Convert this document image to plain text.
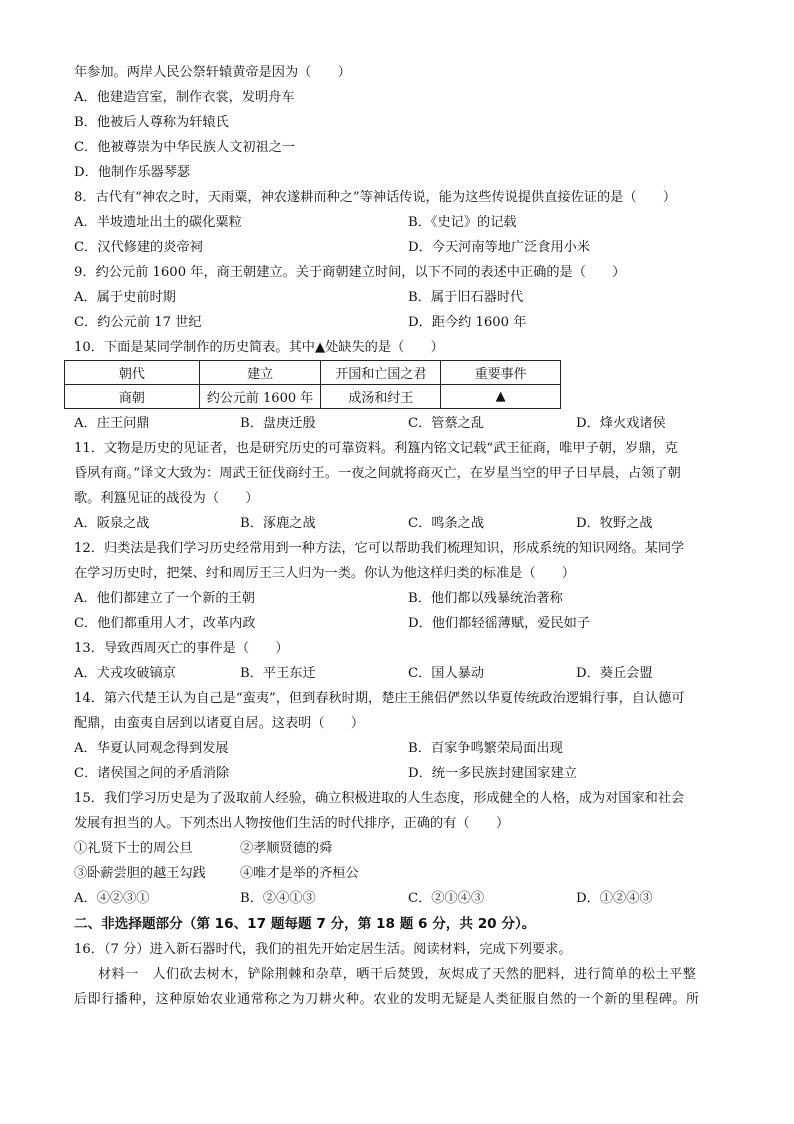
年参加。两岸人民公祭轩辕黄帝是因为（　　）
A．他建造宫室，制作衣裳，发明舟车
B．他被后人尊称为轩辕氏
C．他被尊崇为中华民族人文初祖之一
D．他制作乐器琴瑟
8．古代有“神农之时，天雨粟，神农遂耕而种之”等神话传说，能为这些传说提供直接佐证的是（　　）
A．半坡遗址出土的碳化粟粒	B．《史记》的记载
C．汉代修建的炎帝祠	D．今天河南等地广泛食用小米
9．约公元前 1600 年，商王朝建立。关于商朝建立时间，以下不同的表述中正确的是（　　）
A．属于史前时期	B．属于旧石器时代
C．约公元前 17 世纪	D．距今约 1600 年
10．下面是某同学制作的历史简表。其中▲处缺失的是（　　）
A．庄王问鼎	B．盘庚迁殷	C．管蔡之乱	D．烽火戏诸侯
11．文物是历史的见证者，也是研究历史的可靠资料。利簋内铭文记载“武王征商，唯甲子朝，岁鼎，克
昏夙有商。”译文大致为：周武王征伐商纣王。一夜之间就将商灭亡，在岁星当空的甲子日早晨，占领了朝
歌。利簋见证的战役为（　　）
A．阪泉之战	B．涿鹿之战	C．鸣条之战	D．牧野之战
12．归类法是我们学习历史经常用到一种方法，它可以帮助我们梳理知识，形成系统的知识网络。某同学
在学习历史时，把桀、纣和周厉王三人归为一类。你认为他这样归类的标准是（　　）
A．他们都建立了一个新的王朝	B．他们都以残暴统治著称
C．他们都重用人才，改革内政	D．他们都轻徭薄赋，爱民如子
13．导致西周灭亡的事件是（　　）
A．犬戎攻破镐京	B．平王东迁	C．国人暴动	D．葵丘会盟
14．第六代楚王认为自己是“蛮夷”，但到春秋时期，楚庄王熊侣俨然以华夏传统政治逻辑行事，自认德可
配鼎，由蛮夷自居到以诸夏自居。这表明（　　）
A．华夏认同观念得到发展	B．百家争鸣繁荣局面出现
C．诸侯国之间的矛盾消除	D．统一多民族封建国家建立
15．我们学习历史是为了汲取前人经验，确立积极进取的人生态度，形成健全的人格，成为对国家和社会
发展有担当的人。下列杰出人物按他们生活的时代排序，正确的有（　　）
①礼贤下士的周公旦	②孝顺贤德的舜
③卧薪尝胆的越王勾践	④唯才是举的齐桓公
A．④②③①	B．②④①③	C．②①④③	D．①②④③
二、非选择题部分（第 16、17 题每题 7 分，第 18 题 6 分，共 20 分）。
16．（7 分）进入新石器时代，我们的祖先开始定居生活。阅读材料，完成下列要求。
材料一　人们砍去树木，铲除荆棘和杂草，晒干后焚毁，灰烬成了天然的肥料，进行简单的松土平整
后即行播种，这种原始农业通常称之为刀耕火种。农业的发明无疑是人类征服自然的一个新的里程碑。所
朝代	建立	开国和亡国之君	重要事件
商朝	约公元前 1600 年	成汤和纣王	▲
